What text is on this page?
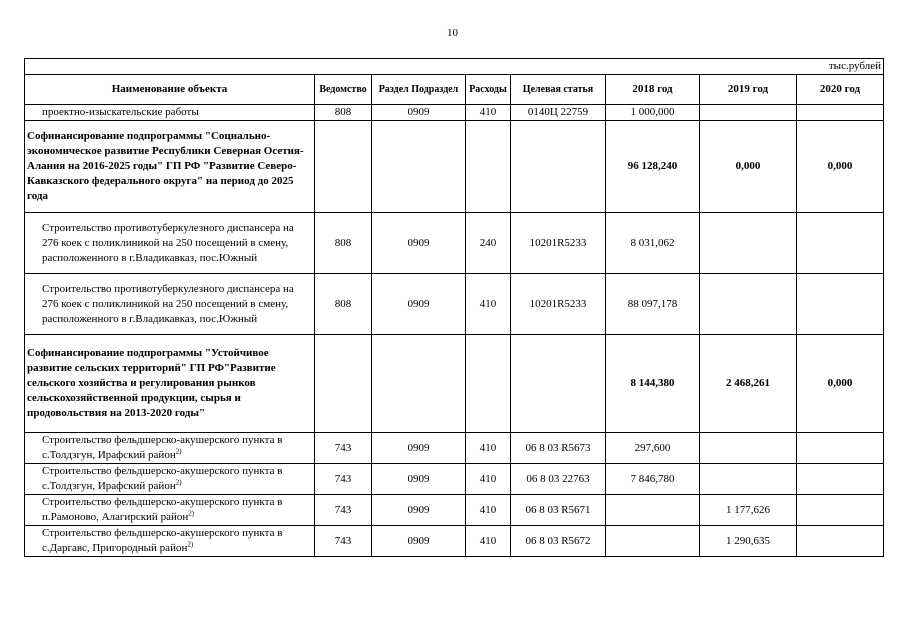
10
тыс.рублей							
Наименование объекта	Ведомство	Раздел Подраздел	Расходы	Целевая статья	2018 год	2019 год	2020 год
проектно-изыскательские работы	808	0909	410	0140Ц 22759	1 000,000		
Софинансирование подпрограммы "Социально-экономическое развитие Республики Северная Осетия-Алания на 2016-2025 годы" ГП РФ "Развитие Северо-Кавказского федерального округа" на период до 2025 года					96 128,240	0,000	0,000
Строительство противотуберкулезного диспансера на 276 коек с поликлиникой на 250 посещений в смену, расположенного в г.Владикавказ, пос.Южный	808	0909	240	10201R5233	8 031,062		
Строительство противотуберкулезного диспансера на 276 коек с поликлиникой на 250 посещений в смену, расположенного в г.Владикавказ, пос.Южный	808	0909	410	10201R5233	88 097,178		
Софинансирование подпрограммы "Устойчивое развитие сельских территорий" ГП РФ"Развитие сельского хозяйства и регулирования рынков сельскохозяйственной продукции, сырья и продовольствия на 2013-2020 годы"					8 144,380	2 468,261	0,000
Строительство фельдшерско-акушерского пункта в с.Толдзгун, Ирафский район$^{2)}$	743	0909	410	06 8 03 R5673	297,600		
Строительство фельдшерско-акушерского пункта в с.Толдзгун, Ирафский район$^{2)}$	743	0909	410	06 8 03 22763	7 846,780		
Строительство фельдшерско-акушерского пункта в п.Рамоново, Алагирский район$^{2)}$	743	0909	410	06 8 03 R5671		1 177,626	
Строительство фельдшерско-акушерского пункта в с.Даргавс, Пригородный район$^{2)}$	743	0909	410	06 8 03 R5672		1 290,635	
